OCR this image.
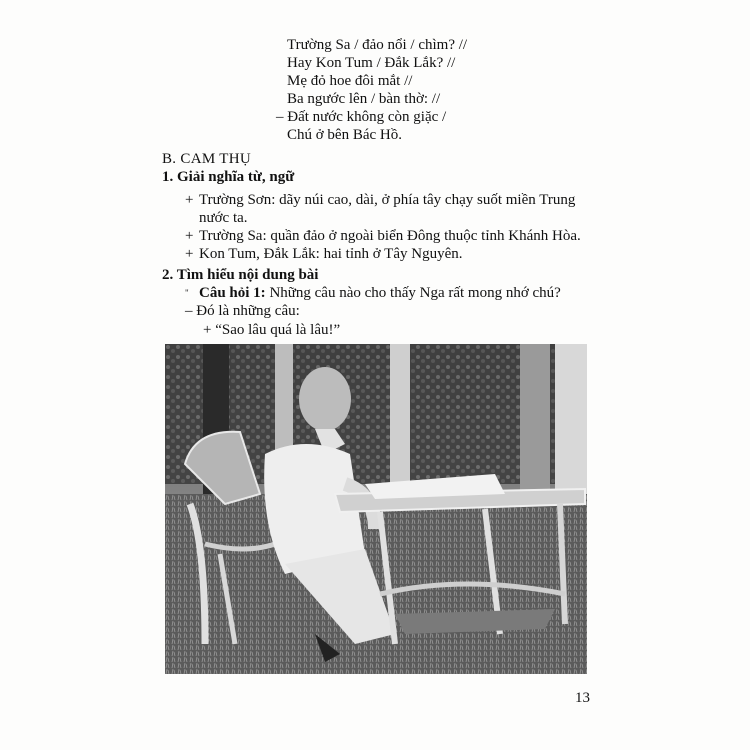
Trường Sa / đảo nổi / chìm? //
Hay Kon Tum / Đắk Lắk? //
Mẹ đỏ hoe đôi mắt //
Ba ngước lên / bàn thờ: //
– Đất nước không còn giặc /
Chú ở bên Bác Hồ.
B. CAM THỤ
1. Giải nghĩa từ, ngữ
+ Trường Sơn: dãy núi cao, dài, ở phía tây chạy suốt miền Trung
nước ta.
+ Trường Sa: quần đảo ở ngoài biển Đông thuộc tỉnh Khánh Hòa.
+ Kon Tum, Đắk Lắk: hai tỉnh ở Tây Nguyên.
2. Tìm hiểu nội dung bài
" Câu hỏi 1: Những câu nào cho thấy Nga rất mong nhớ chú?
– Đó là những câu:
+ “Sao lâu quá là lâu!”
13
